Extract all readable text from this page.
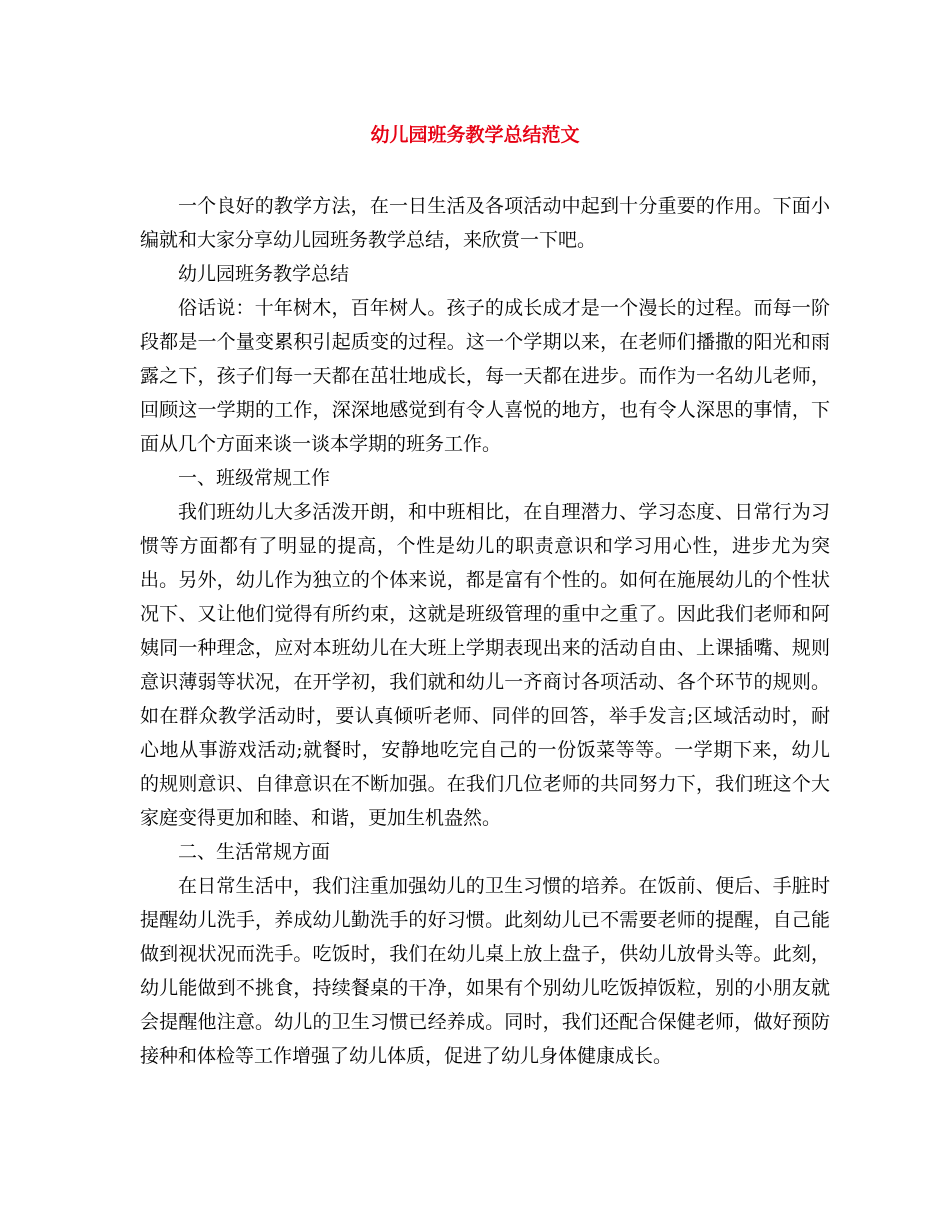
幼儿园班务教学总结范文

一个良好的教学方法，在一日生活及各项活动中起到十分重要的作用。下面小编就和大家分享幼儿园班务教学总结，来欣赏一下吧。

幼儿园班务教学总结

俗话说：十年树木，百年树人。孩子的成长成才是一个漫长的过程。而每一阶段都是一个量变累积引起质变的过程。这一个学期以来，在老师们播撒的阳光和雨露之下，孩子们每一天都在茁壮地成长，每一天都在进步。而作为一名幼儿老师，回顾这一学期的工作，深深地感觉到有令人喜悦的地方，也有令人深思的事情，下面从几个方面来谈一谈本学期的班务工作。

一、班级常规工作

我们班幼儿大多活泼开朗，和中班相比，在自理潜力、学习态度、日常行为习惯等方面都有了明显的提高，个性是幼儿的职责意识和学习用心性，进步尤为突出。另外，幼儿作为独立的个体来说，都是富有个性的。如何在施展幼儿的个性状况下、又让他们觉得有所约束，这就是班级管理的重中之重了。因此我们老师和阿姨同一种理念，应对本班幼儿在大班上学期表现出来的活动自由、上课插嘴、规则意识薄弱等状况，在开学初，我们就和幼儿一齐商讨各项活动、各个环节的规则。如在群众教学活动时，要认真倾听老师、同伴的回答，举手发言;区域活动时，耐心地从事游戏活动;就餐时，安静地吃完自己的一份饭菜等等。一学期下来，幼儿的规则意识、自律意识在不断加强。在我们几位老师的共同努力下，我们班这个大家庭变得更加和睦、和谐，更加生机盎然。

二、生活常规方面

在日常生活中，我们注重加强幼儿的卫生习惯的培养。在饭前、便后、手脏时提醒幼儿洗手，养成幼儿勤洗手的好习惯。此刻幼儿已不需要老师的提醒，自己能做到视状况而洗手。吃饭时，我们在幼儿桌上放上盘子，供幼儿放骨头等。此刻，幼儿能做到不挑食，持续餐桌的干净，如果有个别幼儿吃饭掉饭粒，别的小朋友就会提醒他注意。幼儿的卫生习惯已经养成。同时，我们还配合保健老师，做好预防接种和体检等工作增强了幼儿体质，促进了幼儿身体健康成长。
